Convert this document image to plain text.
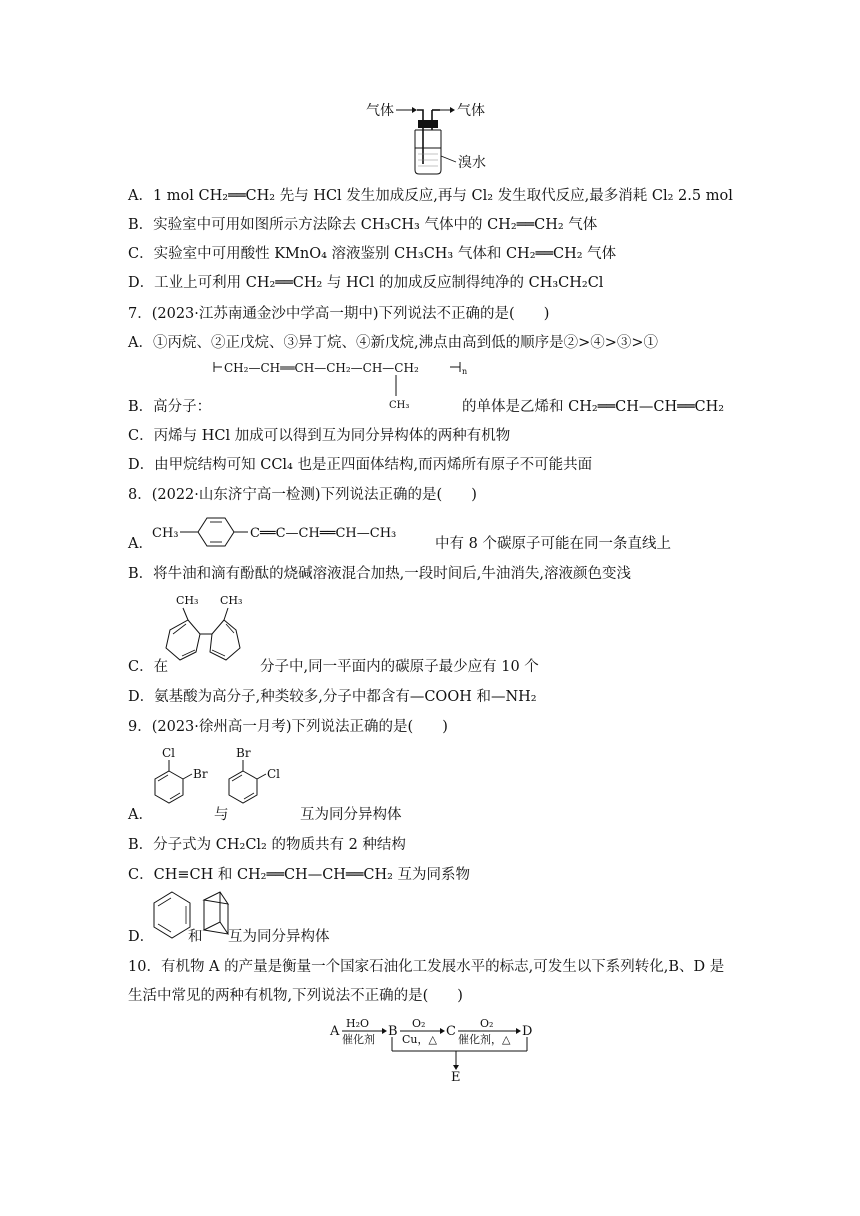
气体	气体
溴水
A．1 mol CH₂══CH₂ 先与 HCl 发生加成反应,再与 Cl₂ 发生取代反应,最多消耗 Cl₂ 2.5 mol
B．实验室中可用如图所示方法除去 CH₃CH₃ 气体中的 CH₂══CH₂ 气体
C．实验室中可用酸性 KMnO₄ 溶液鉴别 CH₃CH₃ 气体和 CH₂══CH₂ 气体
D．工业上可利用 CH₂══CH₂ 与 HCl 的加成反应制得纯净的 CH₃CH₂Cl
7．(2023·江苏南通金沙中学高一期中)下列说法不正确的是(　　)
A．①丙烷、②正戊烷、③异丁烷、④新戊烷,沸点由高到低的顺序是②>④>③>①
CH₂—CH══CH—CH₂—CH—CH₂	n
CH₃
B．高分子：	的单体是乙烯和 CH₂══CH—CH══CH₂
C．丙烯与 HCl 加成可以得到互为同分异构体的两种有机物
D．由甲烷结构可知 CCl₄ 也是正四面体结构,而丙烯所有原子不可能共面
8．(2022·山东济宁高一检测)下列说法正确的是(　　)
A．
CH₃	C══C—CH══CH—CH₃
中有 8 个碳原子可能在同一条直线上
B．将牛油和滴有酚酞的烧碱溶液混合加热,一段时间后,牛油消失,溶液颜色变浅
CH₃ CH₃
C．在	分子中,同一平面内的碳原子最少应有 10 个
D．氨基酸为高分子,种类较多,分子中都含有—COOH 和—NH₂
9．(2023·徐州高一月考)下列说法正确的是(　　)
Cl
Br
Br
Cl
A．	与	互为同分异构体
B．分子式为 CH₂Cl₂ 的物质共有 2 种结构
C．CH≡CH 和 CH₂══CH—CH══CH₂ 互为同系物
D． 和 互为同分异构体
10．有机物 A 的产量是衡量一个国家石油化工发展水平的标志,可发生以下系列转化,B、D 是
生活中常见的两种有机物,下列说法不正确的是(　　)
A
H₂O
催化剂
B
O₂
Cu，△
C
O₂
催化剂，△
D
E
